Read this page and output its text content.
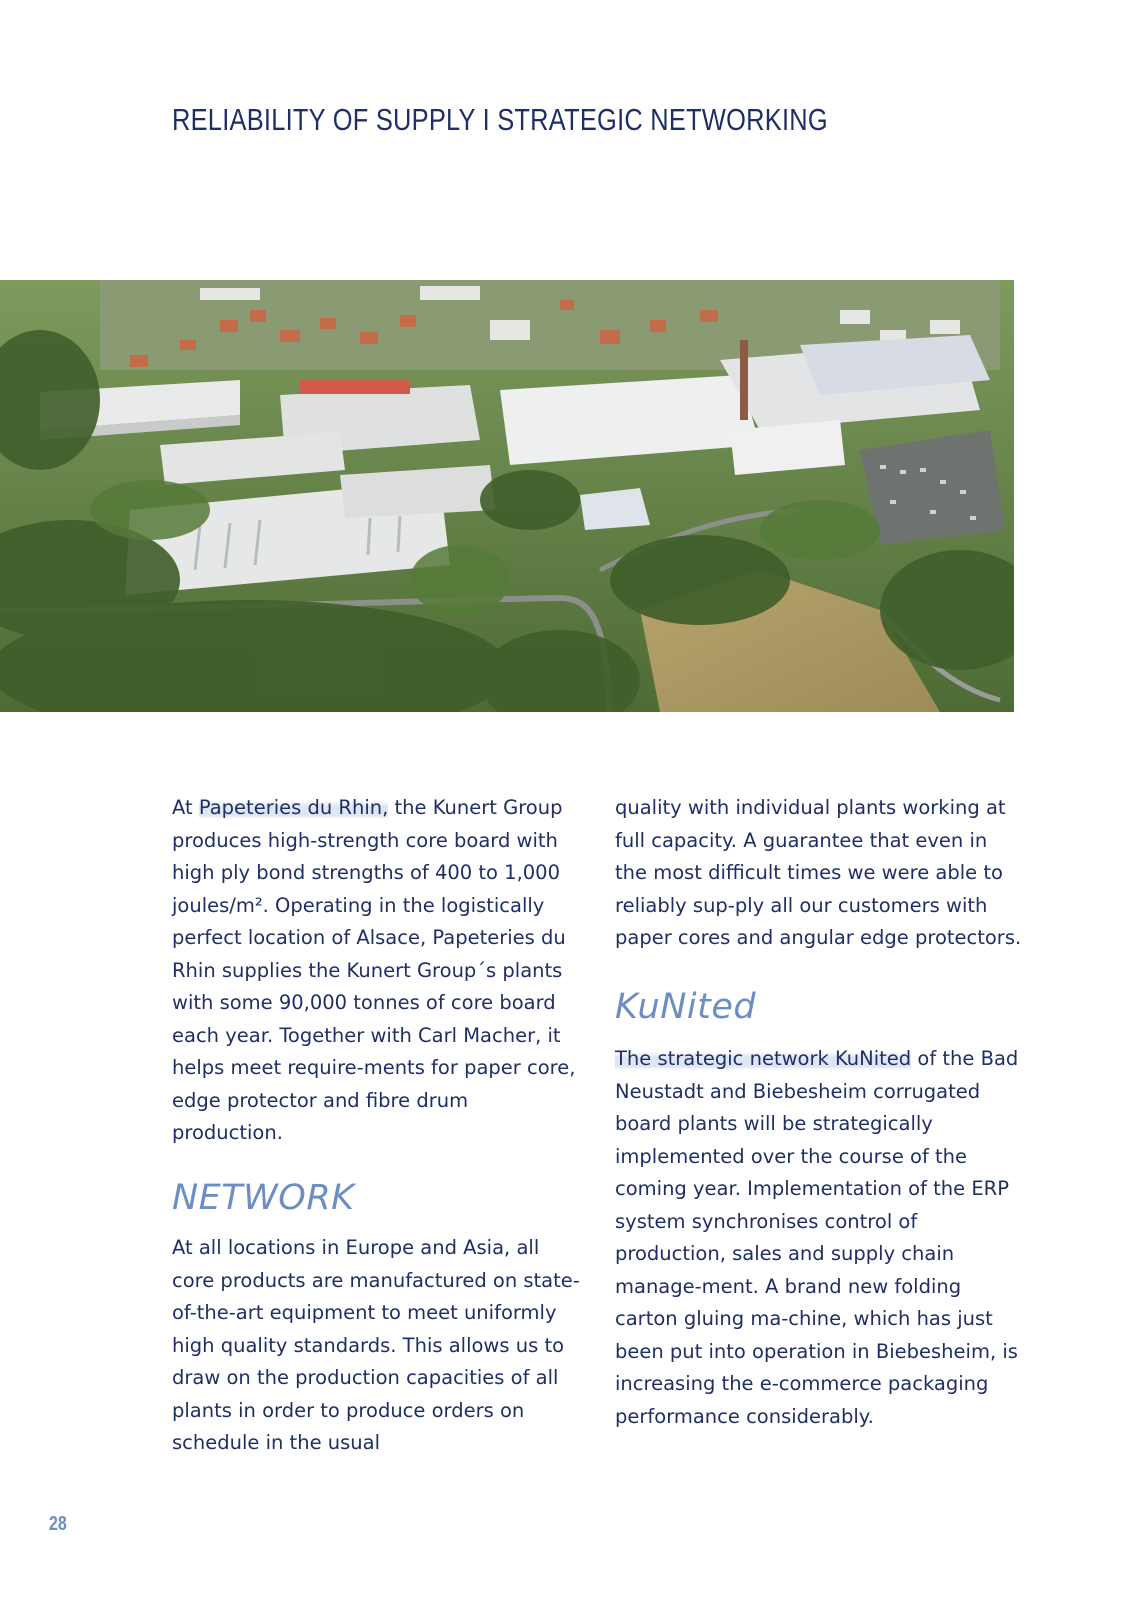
RELIABILITY OF SUPPLY I STRATEGIC NETWORKING

At Papeteries du Rhin, the Kunert Group produces high-strength core board with high ply bond strengths of 400 to 1,000 joules/m². Operating in the logistically perfect location of Alsace, Papeteries du Rhin supplies the Kunert Group´s plants with some 90,000 tonnes of core board each year. Together with Carl Macher, it helps meet require-ments for paper core, edge protector and fibre drum production.

NETWORK

At all locations in Europe and Asia, all core products are manufactured on state-of-the-art equipment to meet uniformly high quality standards. This allows us to draw on the production capacities of all plants in order to produce orders on schedule in the usual

quality with individual plants working at full capacity. A guarantee that even in the most difficult times we were able to reliably sup-ply all our customers with paper cores and angular edge protectors.

KuNited

The strategic network KuNited of the Bad Neustadt and Biebesheim corrugated board plants will be strategically implemented over the course of the coming year. Implementation of the ERP system synchronises control of production, sales and supply chain manage-ment. A brand new folding carton gluing ma-chine, which has just been put into operation in Biebesheim, is increasing the e-commerce packaging performance considerably.

28
